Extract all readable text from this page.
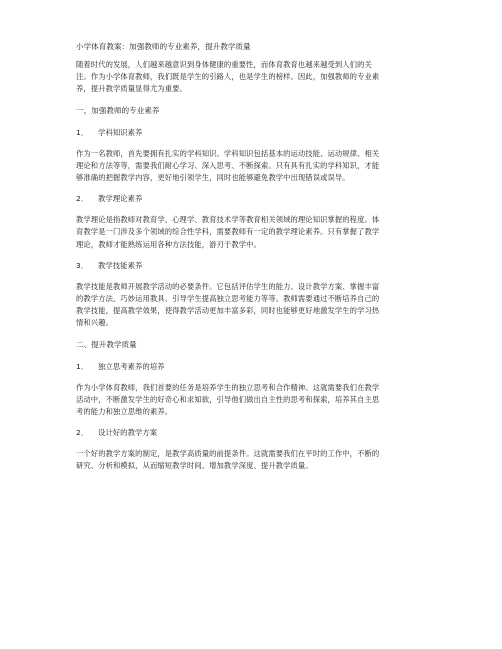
小学体育教案：加强教师的专业素养，提升教学质量
随着时代的发展，人们越来越意识到身体健康的重要性，而体育教育也越来越受到人们的关
注。作为小学体育教师，我们既是学生的引路人，也是学生的榜样。因此，加强教师的专业素
养，提升教学质量显得尤为重要。
一、加强教师的专业素养
1． 学科知识素养
作为一名教师，首先要拥有扎实的学科知识。学科知识包括基本的运动技能、运动规律、相关
理论和方法等等，需要我们耐心学习、深入思考、不断探索。只有具有扎实的学科知识，才能
够准确的把握教学内容，更好地引领学生，同时也能够避免教学中出现错误或误导。
2． 教学理论素养
教学理论是指教师对教育学、心理学、教育技术学等教育相关领域的理论知识掌握的程度。体
育教学是一门涉及多个领域的综合性学科，需要教师有一定的教学理论素养。只有掌握了教学
理论，教师才能熟练运用各种方法技能，游刃于教学中。
3． 教学技能素养
教学技能是教师开展教学活动的必要条件。它包括评估学生的能力、设计教学方案、掌握丰富
的教学方法、巧妙运用教具、引导学生提高独立思考能力等等。教师需要通过不断培养自己的
教学技能，提高教学效果，使得教学活动更加丰富多彩，同时也能够更好地激发学生的学习热
情和兴趣。
二、提升教学质量
1． 独立思考素养的培养
作为小学体育教师，我们首要的任务是培养学生的独立思考和合作精神。这就需要我们在教学
活动中，不断激发学生的好奇心和求知欲，引导他们做出自主性的思考和探索，培养其自主思
考的能力和独立思维的素养。
2． 设计好的教学方案
一个好的教学方案的制定，是教学高质量的前提条件。这就需要我们在平时的工作中，不断的
研究、分析和模拟，从而缩短教学时间、增加教学深度、提升教学质量。
